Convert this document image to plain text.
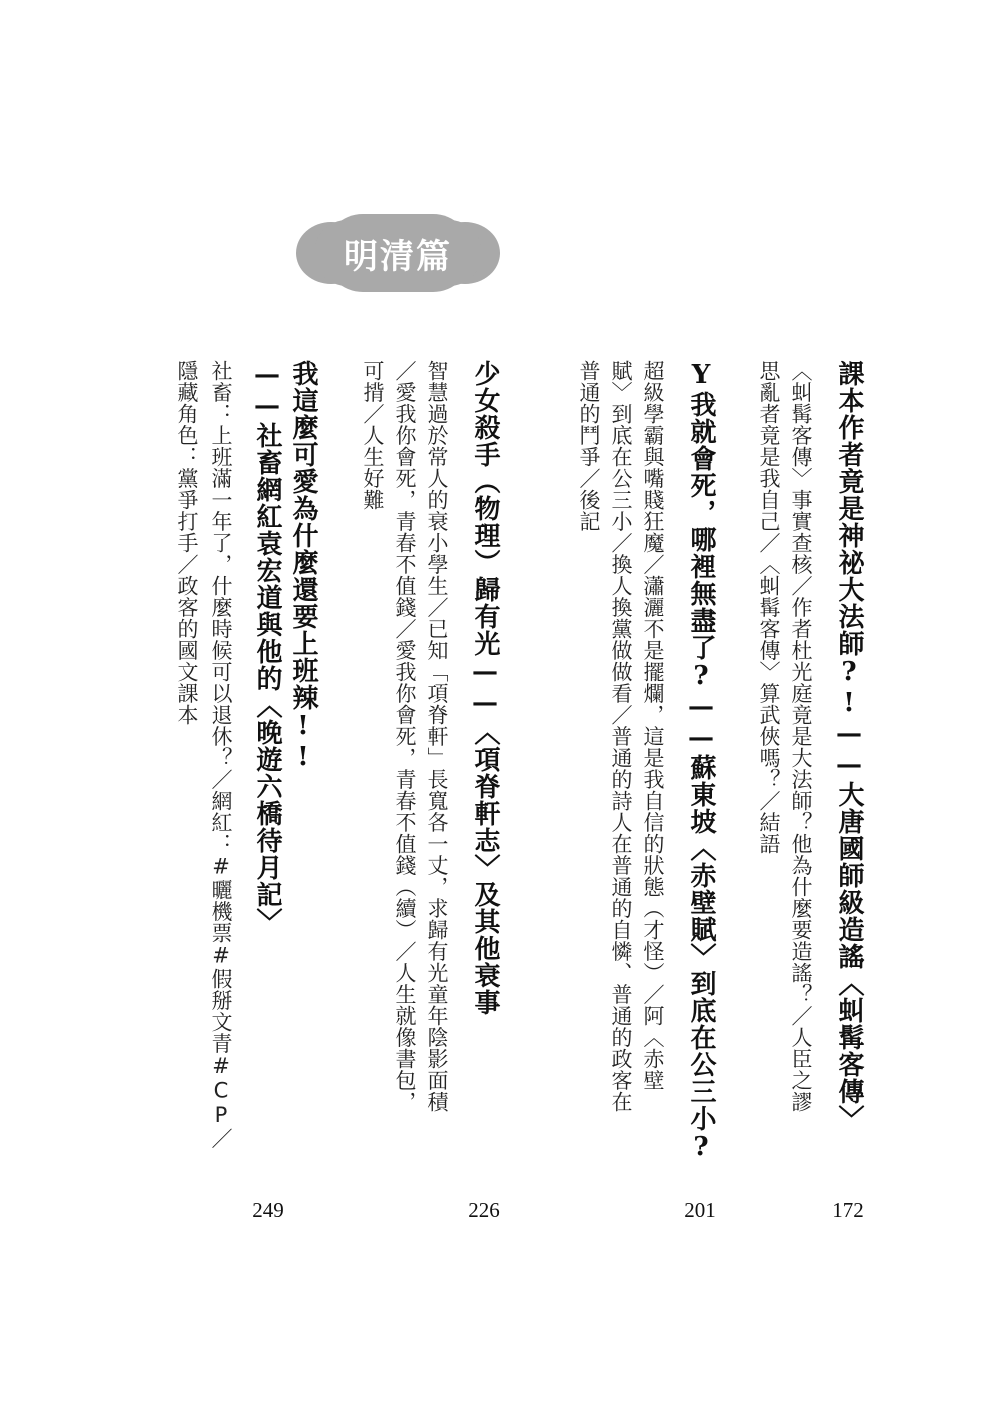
明清篇
課本作者竟是神祕大法師?!——大唐國師級造謠〈虯髯客傳〉
〈虯髯客傳〉事實查核／作者杜光庭竟是大法師？他為什麼要造謠？／人臣之謬
思亂者竟是我自己／〈虯髯客傳〉算武俠嗎？／結語
172
Y我就會死，哪裡無盡了?——蘇東坡〈赤壁賦〉到底在公三小?
超級學霸與嘴賤狂魔／瀟灑不是擺爛，這是我自信的狀態（才怪）／阿〈赤壁
賦〉到底在公三小／換人換黨做做看／普通的詩人在普通的自憐、普通的政客在
普通的鬥爭／後記
201
少女殺手（物理）歸有光——〈項脊軒志〉及其他衰事
智慧過於常人的衰小學生／已知「項脊軒」長寬各一丈，求歸有光童年陰影面積
／愛我你會死，青春不值錢／愛我你會死，青春不值錢（續）／人生就像書包，
可揹／人生好難
226
我這麼可愛為什麼還要上班辣!!
——社畜網紅袁宏道與他的〈晚遊六橋待月記〉
社畜：上班滿一年了，什麼時候可以退休？／網紅：#曬機票#假掰文青#CP／
隱藏角色：黨爭打手／政客的國文課本
249
